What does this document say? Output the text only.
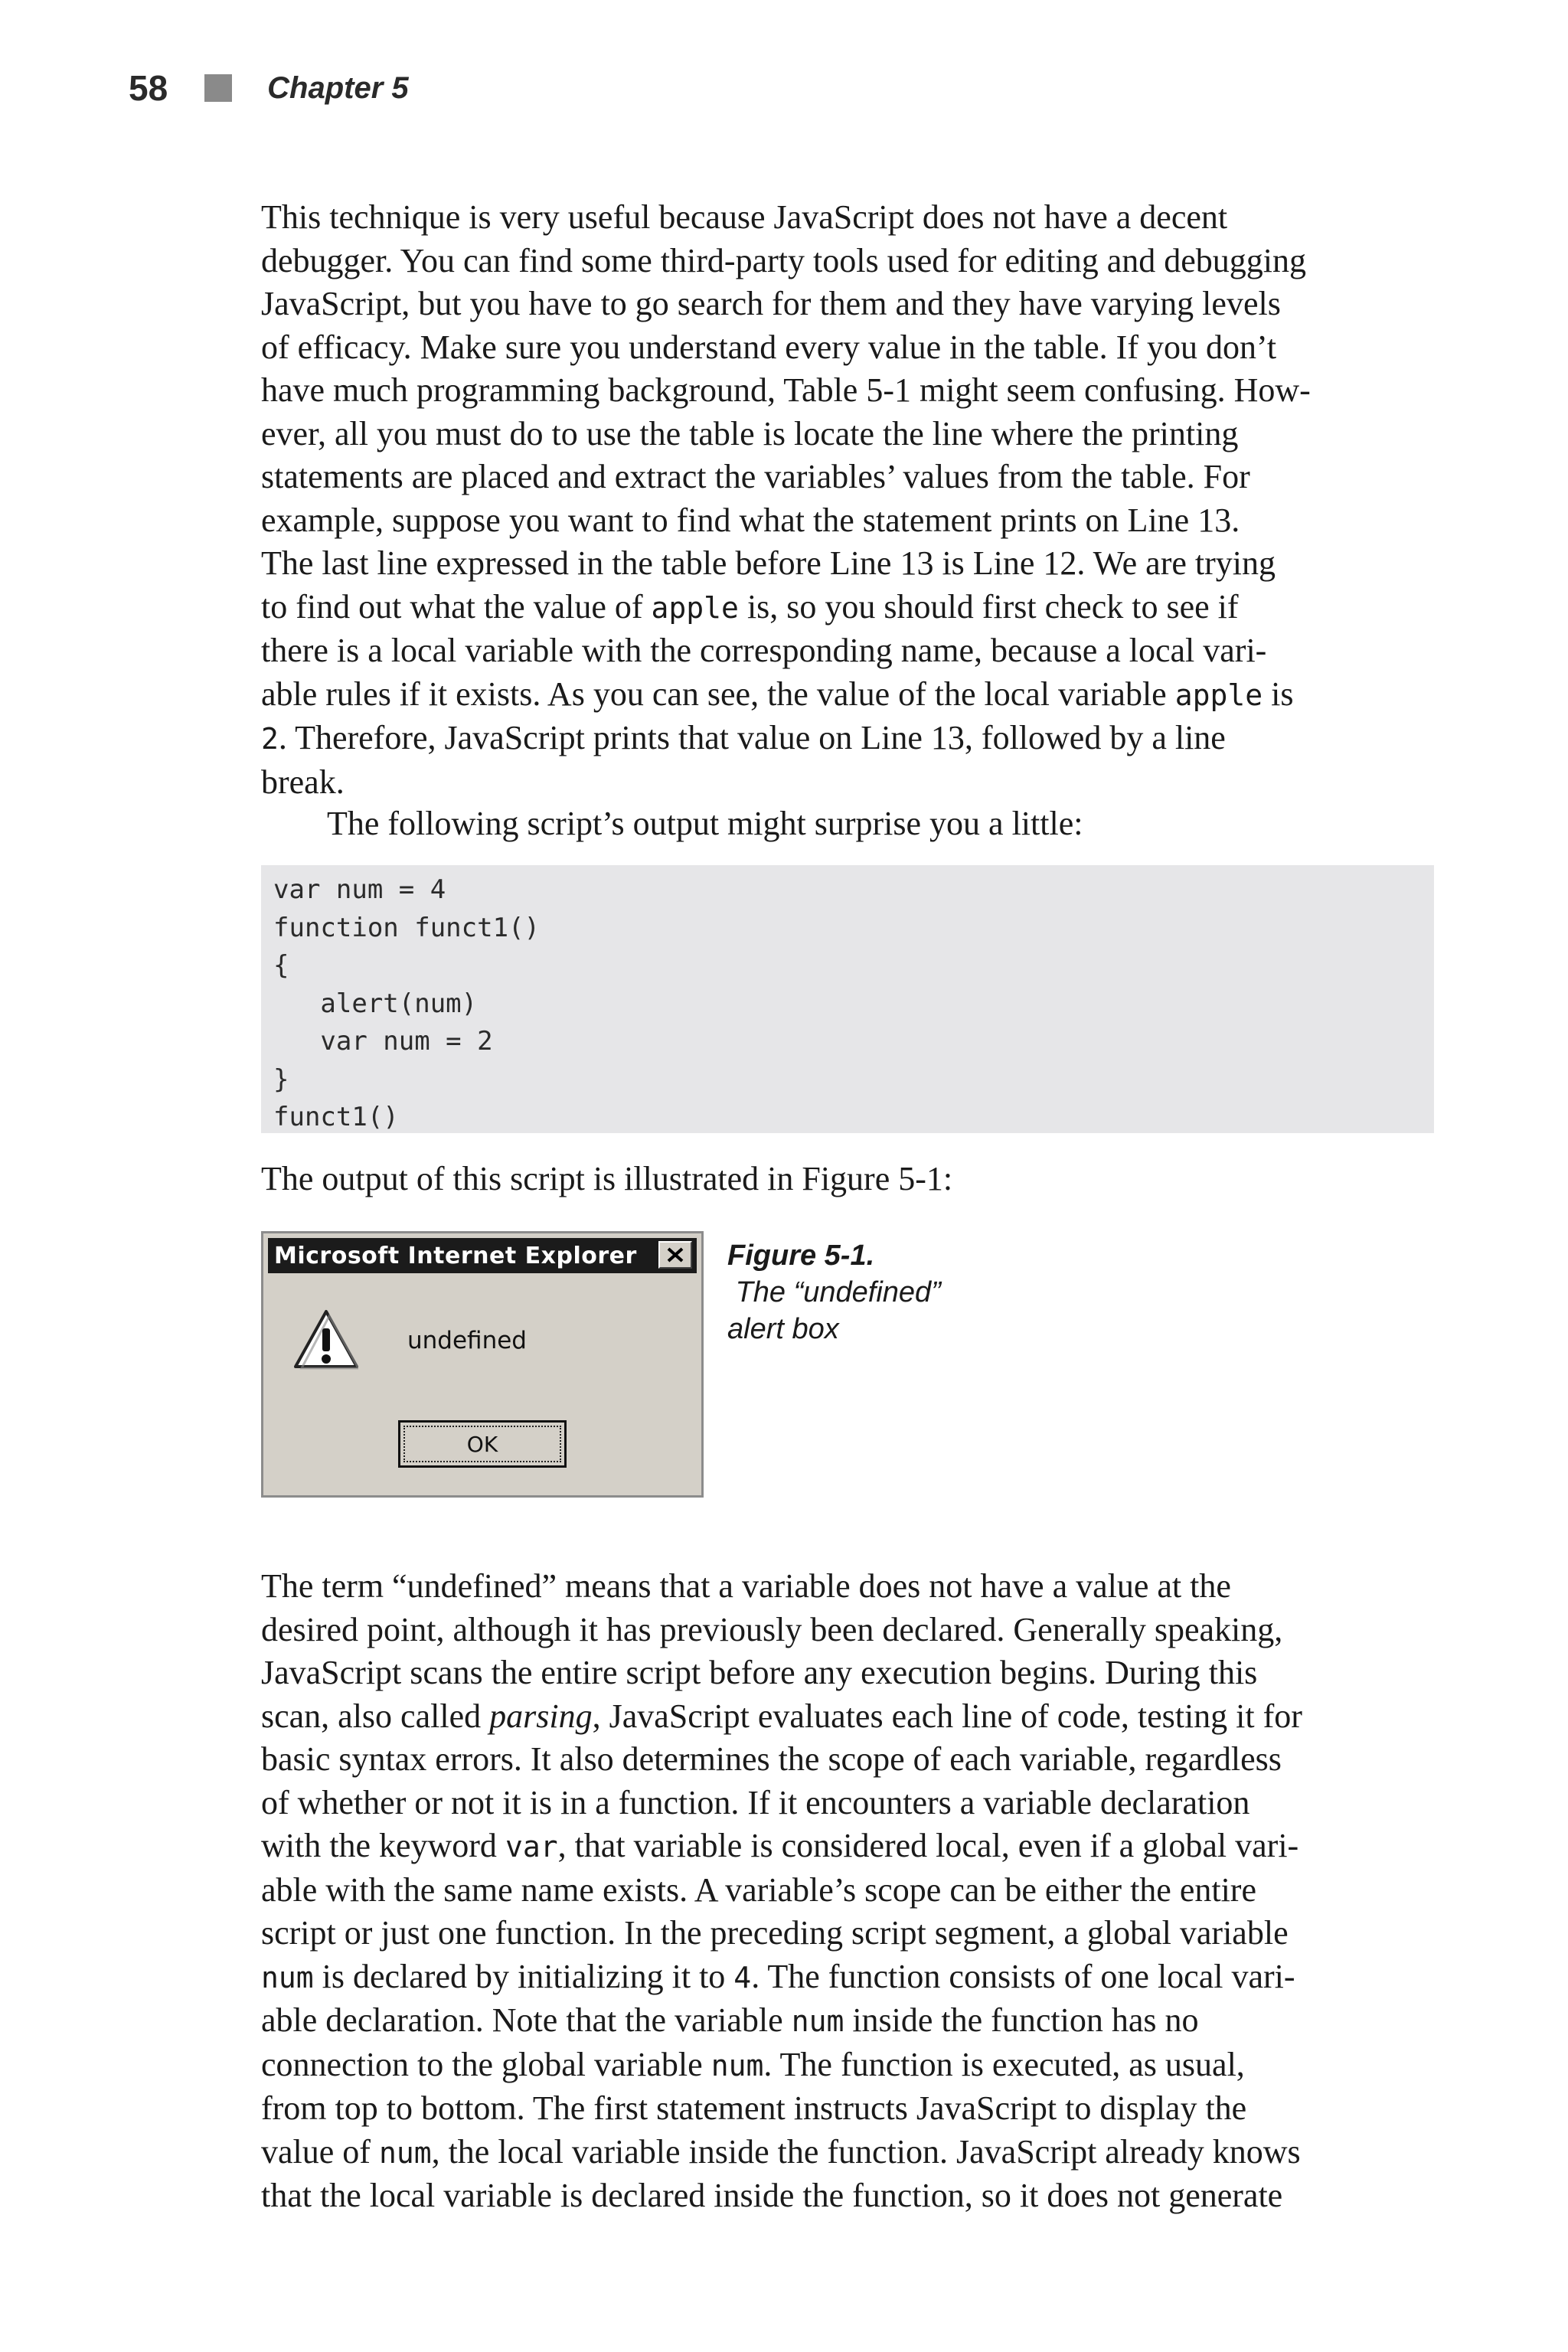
58	Chapter 5
This technique is very useful because JavaScript does not have a decent
debugger. You can find some third-party tools used for editing and debugging
JavaScript, but you have to go search for them and they have varying levels
of efficacy. Make sure you understand every value in the table. If you don’t
have much programming background, Table 5-1 might seem confusing. How-
ever, all you must do to use the table is locate the line where the printing
statements are placed and extract the variables’ values from the table. For
example, suppose you want to find what the statement prints on Line 13.
The last line expressed in the table before Line 13 is Line 12. We are trying
to find out what the value of apple is, so you should first check to see if
there is a local variable with the corresponding name, because a local vari-
able rules if it exists. As you can see, the value of the local variable apple is
2. Therefore, JavaScript prints that value on Line 13, followed by a line
break.
The following script’s output might surprise you a little:
var num = 4
function funct1()
{
alert(num)
var num = 2
}
funct1()
The output of this script is illustrated in Figure 5-1:
Microsoft Internet Explorer
undefined
OK
Figure 5-1.
The “undefined”
alert box
The term “undefined” means that a variable does not have a value at the
desired point, although it has previously been declared. Generally speaking,
JavaScript scans the entire script before any execution begins. During this
scan, also called parsing, JavaScript evaluates each line of code, testing it for
basic syntax errors. It also determines the scope of each variable, regardless
of whether or not it is in a function. If it encounters a variable declaration
with the keyword var, that variable is considered local, even if a global vari-
able with the same name exists. A variable’s scope can be either the entire
script or just one function. In the preceding script segment, a global variable
num is declared by initializing it to 4. The function consists of one local vari-
able declaration. Note that the variable num inside the function has no
connection to the global variable num. The function is executed, as usual,
from top to bottom. The first statement instructs JavaScript to display the
value of num, the local variable inside the function. JavaScript already knows
that the local variable is declared inside the function, so it does not generate
